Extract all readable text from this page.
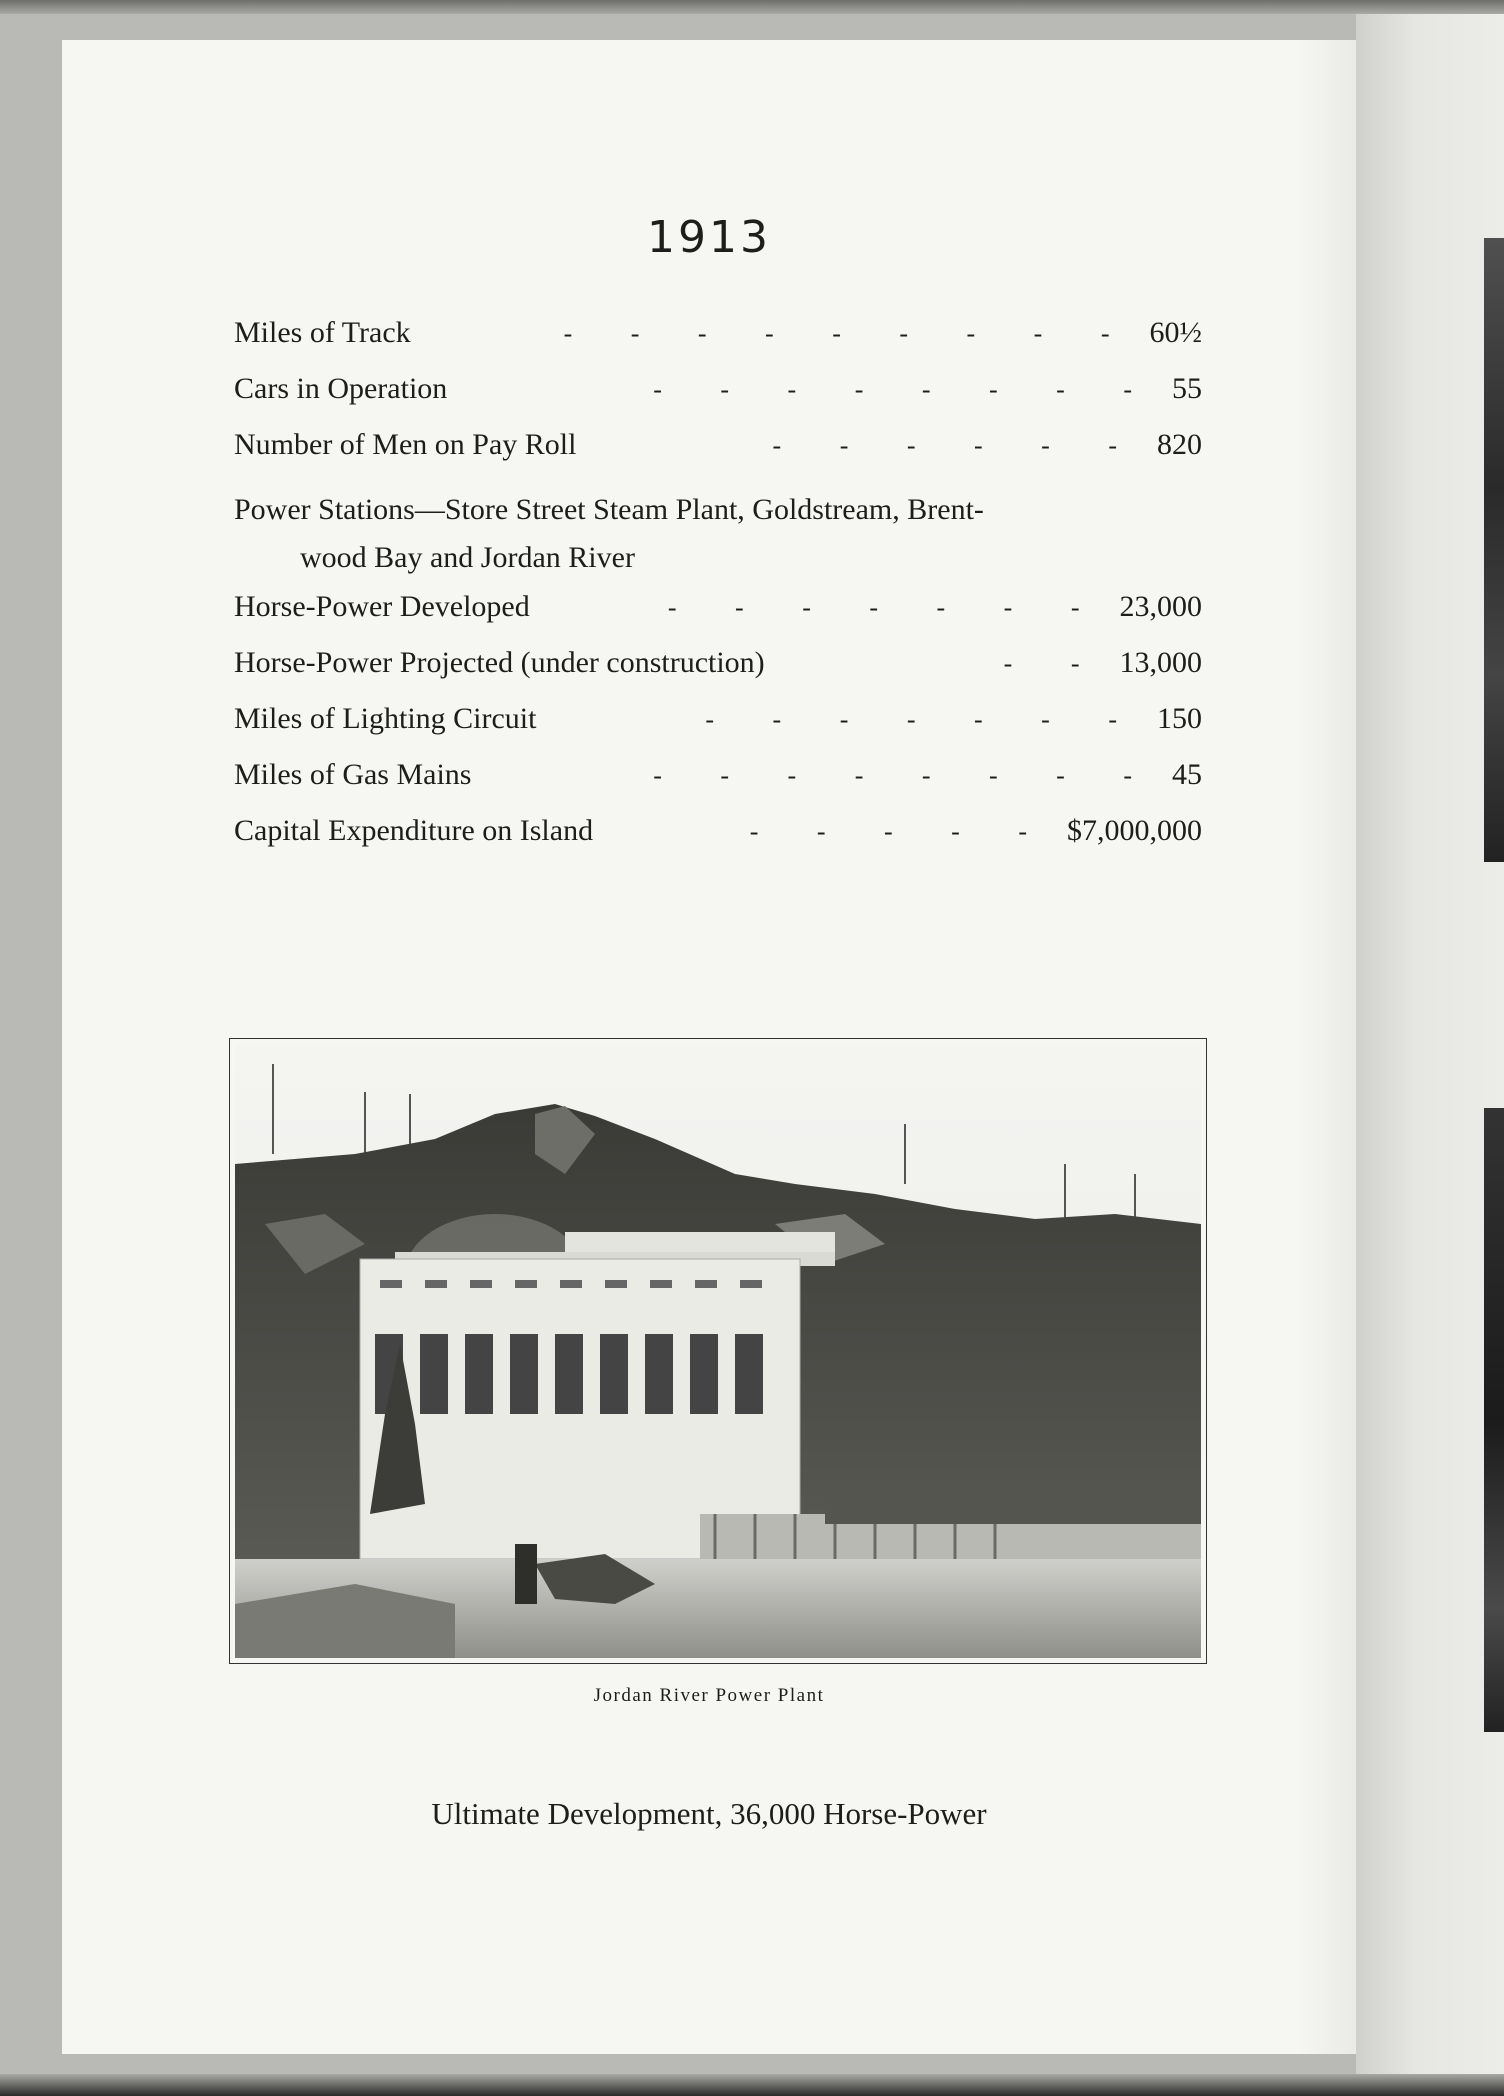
1913
Miles of Track	- - - - - - - - - 60½
Cars in Operation	- - - - - - - - 55
Number of Men on Pay Roll	- - - - - - 820
Power Stations—Store Street Steam Plant, Goldstream, Brent-
wood Bay and Jordan River
Horse-Power Developed	- - - - - - - 23,000
Horse-Power Projected (under construction)	- - 13,000
Miles of Lighting Circuit	- - - - - - - 150
Miles of Gas Mains	- - - - - - - - 45
Capital Expenditure on Island	- - - - - $7,000,000
Jordan River Power Plant
Ultimate Development, 36,000 Horse-Power
